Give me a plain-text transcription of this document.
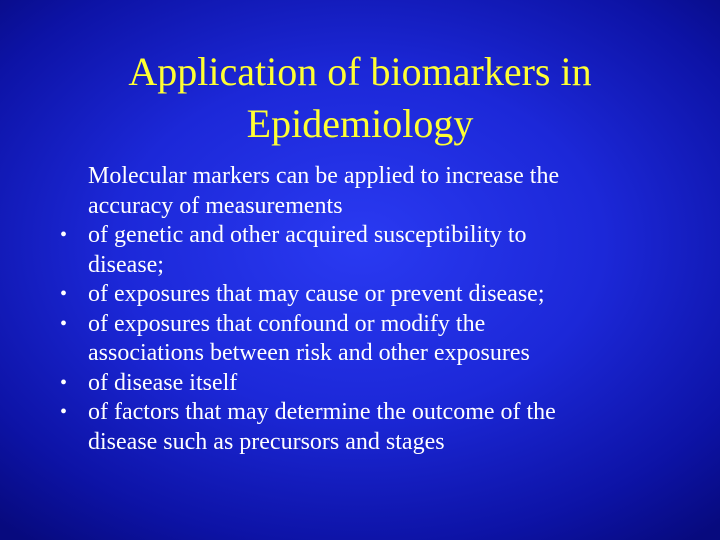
Application of biomarkers in
Epidemiology

Molecular markers can be applied to increase the
accuracy of measurements

• of genetic and other acquired susceptibility to
disease;
• of exposures that may cause or prevent disease;
• of exposures that confound or modify the
associations between risk and other exposures
• of disease itself
• of factors that may determine the outcome of the
disease such as precursors and stages
